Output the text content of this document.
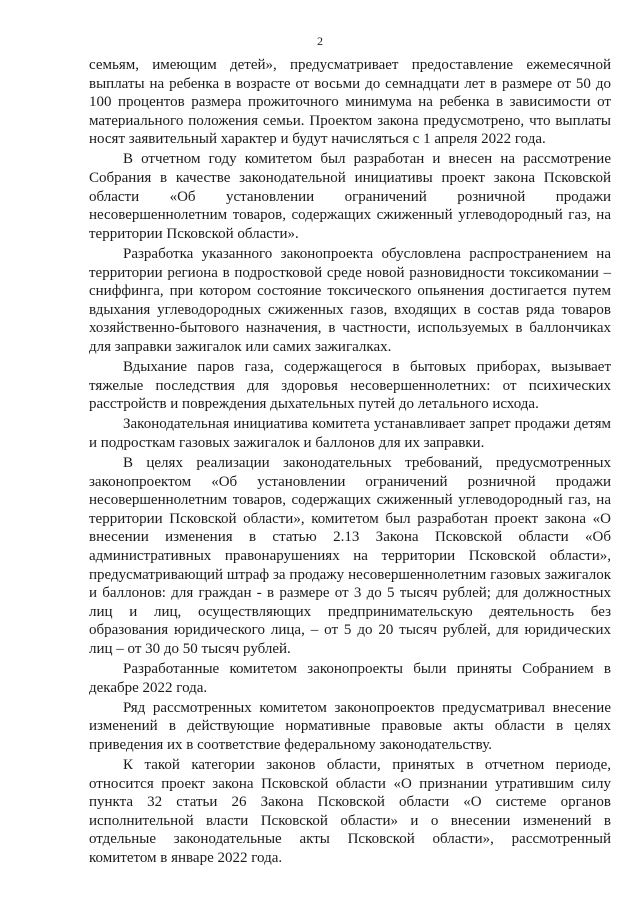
2

семьям, имеющим детей», предусматривает предоставление ежемесячной выплаты на ребенка в возрасте от восьми до семнадцати лет в размере от 50 до 100 процентов размера прожиточного минимума на ребенка в зависимости от материального положения семьи. Проектом закона предусмотрено, что выплаты носят заявительный характер и будут начисляться с 1 апреля 2022 года.

В отчетном году комитетом был разработан и внесен на рассмотрение Собрания в качестве законодательной инициативы проект закона Псковской области «Об установлении ограничений розничной продажи несовершеннолетним товаров, содержащих сжиженный углеводородный газ, на территории Псковской области».

Разработка указанного законопроекта обусловлена распространением на территории региона в подростковой среде новой разновидности токсикомании – сниффинга, при котором состояние токсического опьянения достигается путем вдыхания углеводородных сжиженных газов, входящих в состав ряда товаров хозяйственно-бытового назначения, в частности, используемых в баллончиках для заправки зажигалок или самих зажигалках.

Вдыхание паров газа, содержащегося в бытовых приборах, вызывает тяжелые последствия для здоровья несовершеннолетних: от психических расстройств и повреждения дыхательных путей до летального исхода.

Законодательная инициатива комитета устанавливает запрет продажи детям и подросткам газовых зажигалок и баллонов для их заправки.

В целях реализации законодательных требований, предусмотренных законопроектом «Об установлении ограничений розничной продажи несовершеннолетним товаров, содержащих сжиженный углеводородный газ, на территории Псковской области», комитетом был разработан проект закона «О внесении изменения в статью 2.13 Закона Псковской области «Об административных правонарушениях на территории Псковской области», предусматривающий штраф за продажу несовершеннолетним газовых зажигалок и баллонов: для граждан - в размере от 3 до 5 тысяч рублей; для должностных лиц и лиц, осуществляющих предпринимательскую деятельность без образования юридического лица, – от 5 до 20 тысяч рублей, для юридических лиц – от 30 до 50 тысяч рублей.

Разработанные комитетом законопроекты были приняты Собранием в декабре 2022 года.

Ряд рассмотренных комитетом законопроектов предусматривал внесение изменений в действующие нормативные правовые акты области в целях приведения их в соответствие федеральному законодательству.

К такой категории законов области, принятых в отчетном периоде, относится проект закона Псковской области «О признании утратившим силу пункта 32 статьи 26 Закона Псковской области «О системе органов исполнительной власти Псковской области» и о внесении изменений в отдельные законодательные акты Псковской области», рассмотренный комитетом в январе 2022 года.
